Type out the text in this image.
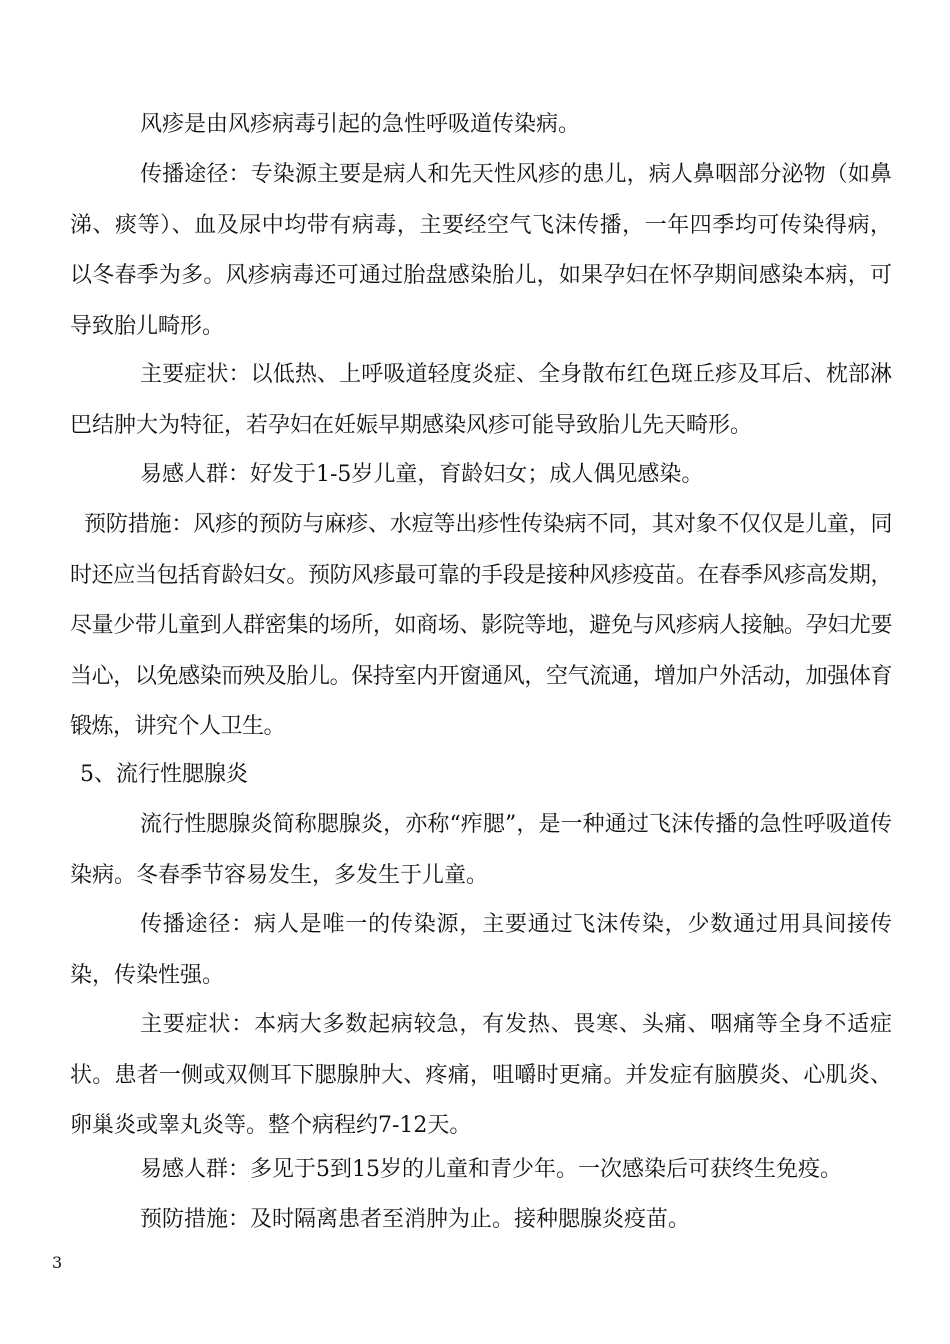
风疹是由风疹病毒引起的急性呼吸道传染病。

传播途径：专染源主要是病人和先天性风疹的患儿，病人鼻咽部分泌物（如鼻涕、痰等）、血及尿中均带有病毒，主要经空气飞沫传播，一年四季均可传染得病，以冬春季为多。风疹病毒还可通过胎盘感染胎儿，如果孕妇在怀孕期间感染本病，可导致胎儿畸形。

主要症状：以低热、上呼吸道轻度炎症、全身散布红色斑丘疹及耳后、枕部淋巴结肿大为特征，若孕妇在妊娠早期感染风疹可能导致胎儿先天畸形。

易感人群：好发于1-5岁儿童，育龄妇女；成人偶见感染。

预防措施：风疹的预防与麻疹、水痘等出疹性传染病不同，其对象不仅仅是儿童，同时还应当包括育龄妇女。预防风疹最可靠的手段是接种风疹疫苗。在春季风疹高发期，尽量少带儿童到人群密集的场所，如商场、影院等地，避免与风疹病人接触。孕妇尤要当心，以免感染而殃及胎儿。保持室内开窗通风，空气流通，增加户外活动，加强体育锻炼，讲究个人卫生。

5、流行性腮腺炎

流行性腮腺炎简称腮腺炎，亦称“痄腮”，是一种通过飞沫传播的急性呼吸道传染病。冬春季节容易发生，多发生于儿童。

传播途径：病人是唯一的传染源，主要通过飞沫传染，少数通过用具间接传染，传染性强。

主要症状：本病大多数起病较急，有发热、畏寒、头痛、咽痛等全身不适症状。患者一侧或双侧耳下腮腺肿大、疼痛，咀嚼时更痛。并发症有脑膜炎、心肌炎、卵巢炎或睾丸炎等。整个病程约7-12天。

易感人群：多见于5到15岁的儿童和青少年。一次感染后可获终生免疫。

预防措施：及时隔离患者至消肿为止。接种腮腺炎疫苗。

3
